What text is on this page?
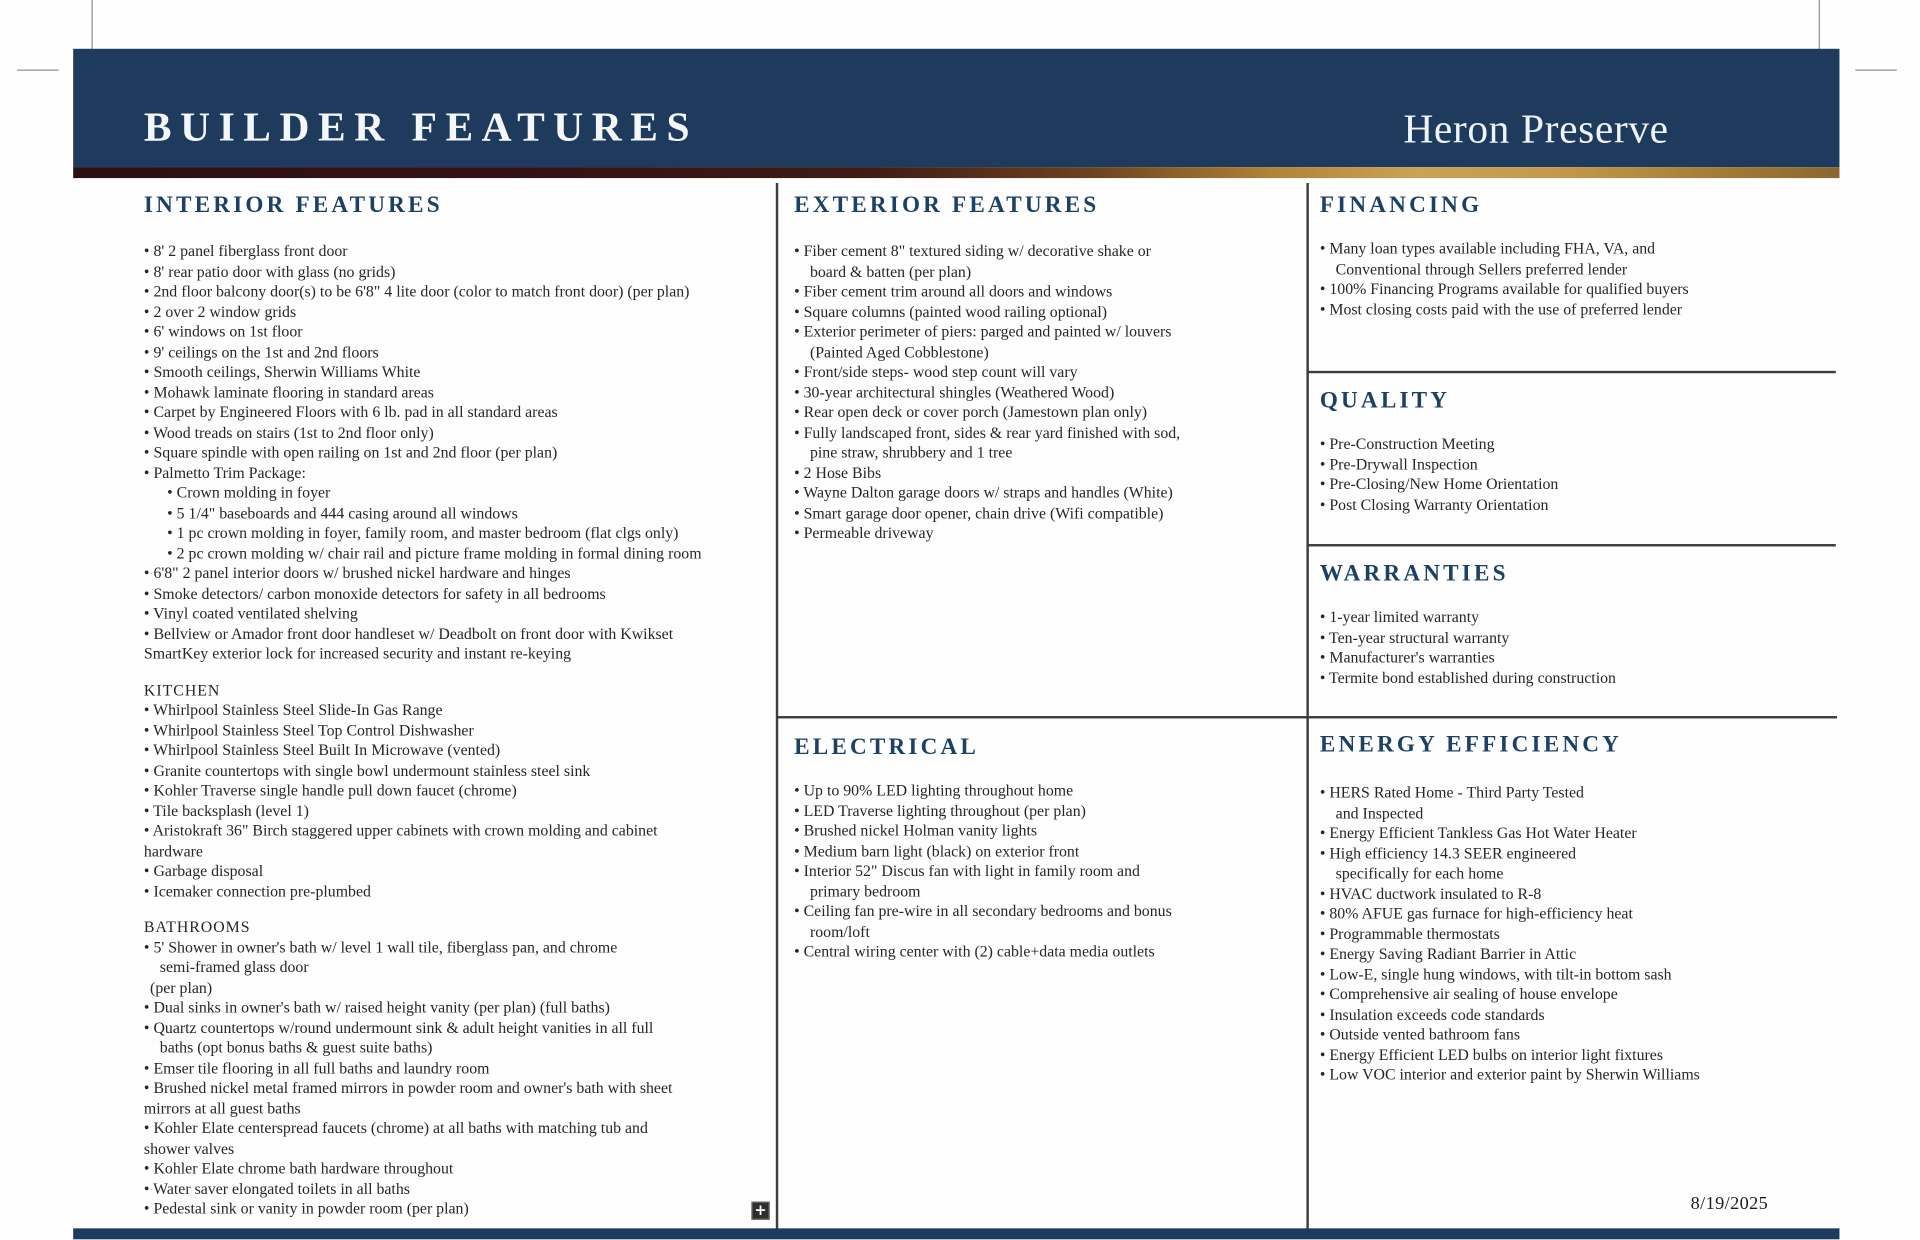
BUILDER FEATURES	Heron Preserve
INTERIOR FEATURES
• 8' 2 panel fiberglass front door
• 8' rear patio door with glass (no grids)
• 2nd floor balcony door(s) to be 6'8" 4 lite door (color to match front door) (per plan)
• 2 over 2 window grids
• 6' windows on 1st floor
• 9' ceilings on the 1st and 2nd floors
• Smooth ceilings, Sherwin Williams White
• Mohawk laminate flooring in standard areas
• Carpet by Engineered Floors with 6 lb. pad in all standard areas
• Wood treads on stairs (1st to 2nd floor only)
• Square spindle with open railing on 1st and 2nd floor (per plan)
• Palmetto Trim Package:
• Crown molding in foyer
• 5 1/4" baseboards and 444 casing around all windows
• 1 pc crown molding in foyer, family room, and master bedroom (flat clgs only)
• 2 pc crown molding w/ chair rail and picture frame molding in formal dining room
• 6'8" 2 panel interior doors w/ brushed nickel hardware and hinges
• Smoke detectors/ carbon monoxide detectors for safety in all bedrooms
• Vinyl coated ventilated shelving
• Bellview or Amador front door handleset w/ Deadbolt on front door with Kwikset
SmartKey exterior lock for increased security and instant re-keying
KITCHEN
• Whirlpool Stainless Steel Slide-In Gas Range
• Whirlpool Stainless Steel Top Control Dishwasher
• Whirlpool Stainless Steel Built In Microwave (vented)
• Granite countertops with single bowl undermount stainless steel sink
• Kohler Traverse single handle pull down faucet (chrome)
• Tile backsplash (level 1)
• Aristokraft 36" Birch staggered upper cabinets with crown molding and cabinet
hardware
• Garbage disposal
• Icemaker connection pre-plumbed
BATHROOMS
• 5' Shower in owner's bath w/ level 1 wall tile, fiberglass pan, and chrome
semi-framed glass door
(per plan)
• Dual sinks in owner's bath w/ raised height vanity (per plan) (full baths)
• Quartz countertops w/round undermount sink & adult height vanities in all full
baths (opt bonus baths & guest suite baths)
• Emser tile flooring in all full baths and laundry room
• Brushed nickel metal framed mirrors in powder room and owner's bath with sheet
mirrors at all guest baths
• Kohler Elate centerspread faucets (chrome) at all baths with matching tub and
shower valves
• Kohler Elate chrome bath hardware throughout
• Water saver elongated toilets in all baths
• Pedestal sink or vanity in powder room (per plan)
EXTERIOR FEATURES
• Fiber cement 8" textured siding w/ decorative shake or
board & batten (per plan)
• Fiber cement trim around all doors and windows
• Square columns (painted wood railing optional)
• Exterior perimeter of piers: parged and painted w/ louvers
(Painted Aged Cobblestone)
• Front/side steps- wood step count will vary
• 30-year architectural shingles (Weathered Wood)
• Rear open deck or cover porch (Jamestown plan only)
• Fully landscaped front, sides & rear yard finished with sod,
pine straw, shrubbery and 1 tree
• 2 Hose Bibs
• Wayne Dalton garage doors w/ straps and handles (White)
• Smart garage door opener, chain drive (Wifi compatible)
• Permeable driveway
ELECTRICAL
• Up to 90% LED lighting throughout home
• LED Traverse lighting throughout (per plan)
• Brushed nickel Holman vanity lights
• Medium barn light (black) on exterior front
• Interior 52" Discus fan with light in family room and
primary bedroom
• Ceiling fan pre-wire in all secondary bedrooms and bonus
room/loft
• Central wiring center with (2) cable+data media outlets
FINANCING
• Many loan types available including FHA, VA, and
Conventional through Sellers preferred lender
• 100% Financing Programs available for qualified buyers
• Most closing costs paid with the use of preferred lender
QUALITY
• Pre-Construction Meeting
• Pre-Drywall Inspection
• Pre-Closing/New Home Orientation
• Post Closing Warranty Orientation
WARRANTIES
• 1-year limited warranty
• Ten-year structural warranty
• Manufacturer's warranties
• Termite bond established during construction
ENERGY EFFICIENCY
• HERS Rated Home - Third Party Tested
and Inspected
• Energy Efficient Tankless Gas Hot Water Heater
• High efficiency 14.3 SEER engineered
specifically for each home
• HVAC ductwork insulated to R-8
• 80% AFUE gas furnace for high-efficiency heat
• Programmable thermostats
• Energy Saving Radiant Barrier in Attic
• Low-E, single hung windows, with tilt-in bottom sash
• Comprehensive air sealing of house envelope
• Insulation exceeds code standards
• Outside vented bathroom fans
• Energy Efficient LED bulbs on interior light fixtures
• Low VOC interior and exterior paint by Sherwin Williams
+	8/19/2025
